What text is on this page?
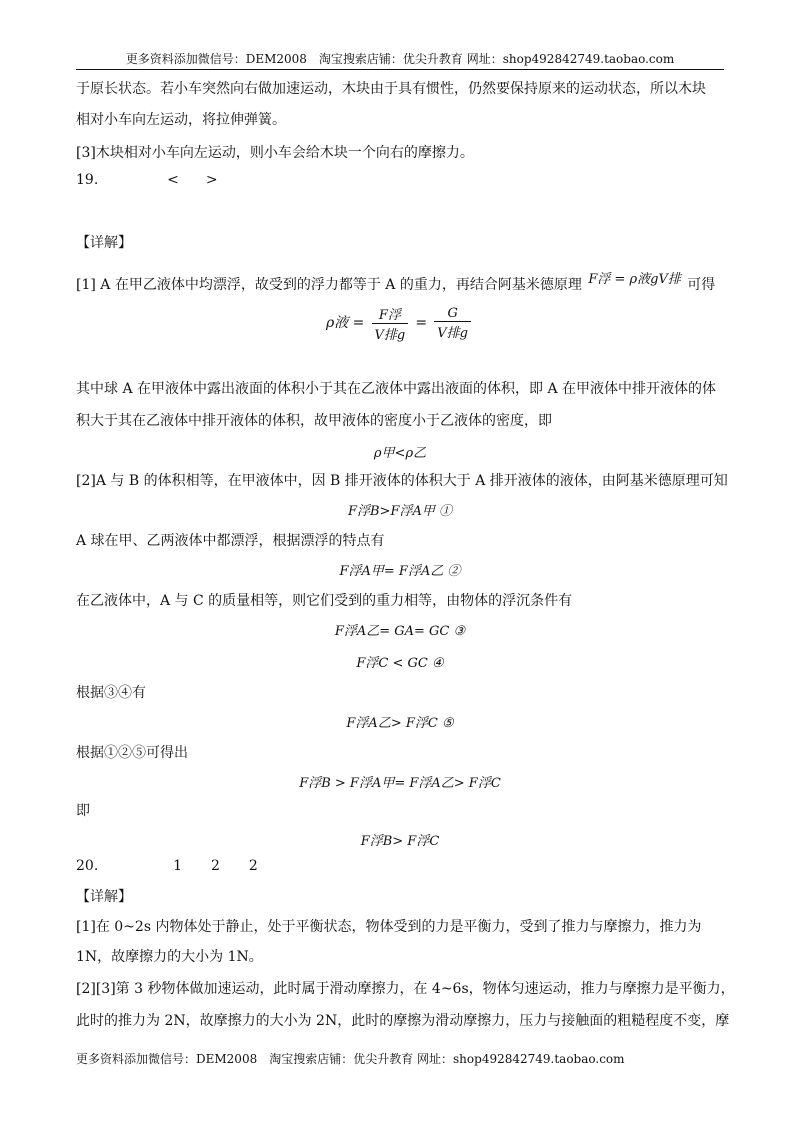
更多资料添加微信号：DEM2008　淘宝搜索店铺：优尖升教育 网址：shop492842749.taobao.com
于原长状态。若小车突然向右做加速运动，木块由于具有惯性，仍然要保持原来的运动状态，所以木块
相对小车向左运动，将拉伸弹簧。
[3]木块相对小车向左运动，则小车会给木块一个向右的摩擦力。
19.	< >
【详解】
[1] A 在甲乙液体中均漂浮，故受到的浮力都等于 A 的重力，再结合阿基米德原理 F浮 = ρ液gV排 可得
ρ液 = $\frac{\text{F浮}}{\text{V排g}} = \frac{G}{\text{V排g}}$
其中球 A 在甲液体中露出液面的体积小于其在乙液体中露出液面的体积，即 A 在甲液体中排开液体的体
积大于其在乙液体中排开液体的体积，故甲液体的密度小于乙液体的密度，即
ρ甲<ρ乙
[2]A 与 B 的体积相等，在甲液体中，因 B 排开液体的体积大于 A 排开液体的液体，由阿基米德原理可知
F浮B>F浮A甲 ①
A 球在甲、乙两液体中都漂浮，根据漂浮的特点有
F浮A甲= F浮A乙 ②
在乙液体中，A 与 C 的质量相等，则它们受到的重力相等，由物体的浮沉条件有
F浮A乙= GA= GC ③
F浮C < GC ④
根据③④有
F浮A乙> F浮C ⑤
根据①②⑤可得出
F浮B > F浮A甲= F浮A乙> F浮C
即
F浮B> F浮C
20.	1 2 2
【详解】
[1]在 0~2s 内物体处于静止，处于平衡状态，物体受到的力是平衡力，受到了推力与摩擦力，推力为
1N，故摩擦力的大小为 1N。
[2][3]第 3 秒物体做加速运动，此时属于滑动摩擦力，在 4~6s，物体匀速运动，推力与摩擦力是平衡力，
此时的推力为 2N，故摩擦力的大小为 2N，此时的摩擦为滑动摩擦力，压力与接触面的粗糙程度不变，摩
更多资料添加微信号：DEM2008　淘宝搜索店铺：优尖升教育 网址：shop492842749.taobao.com
